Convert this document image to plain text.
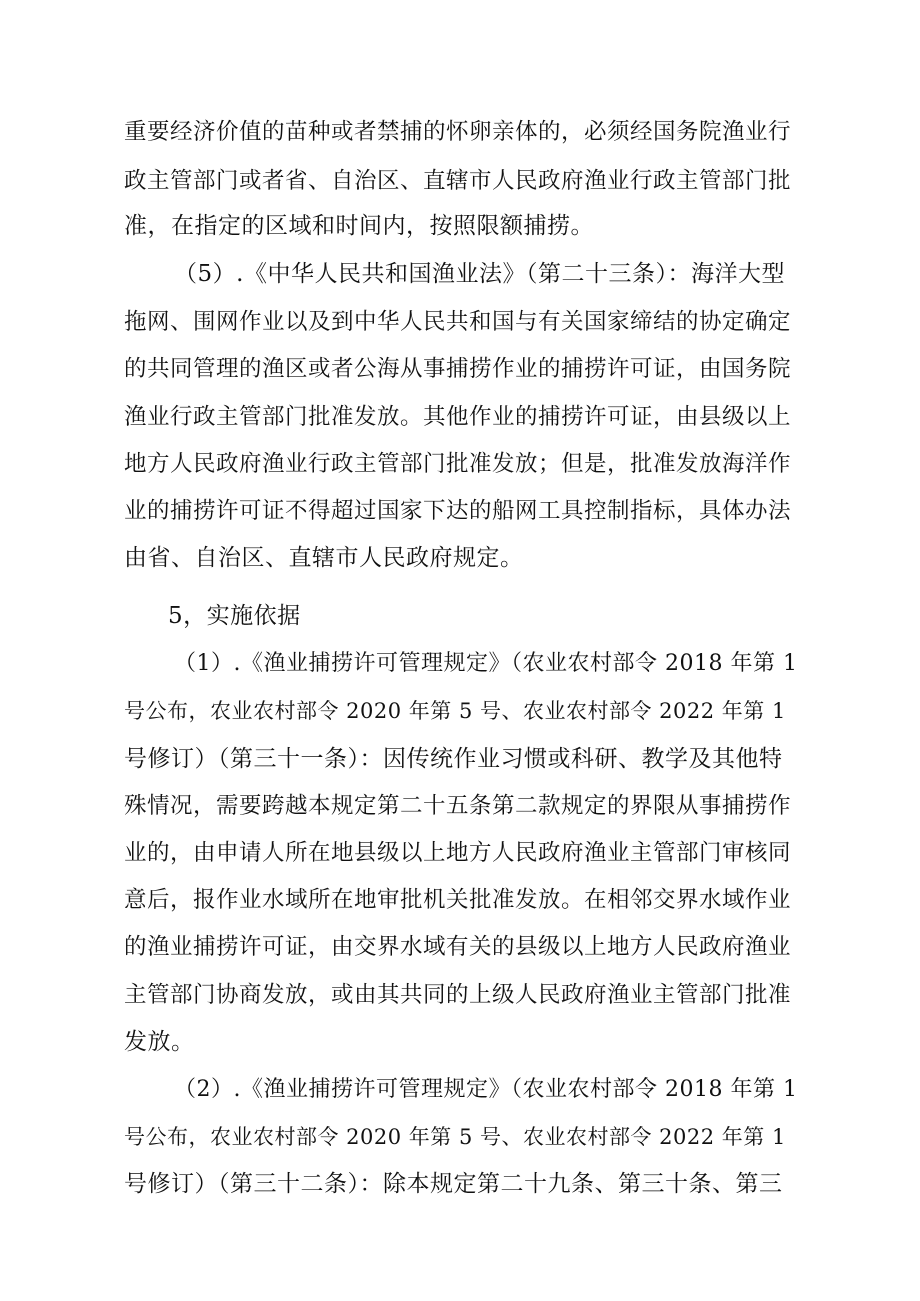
重要经济价值的苗种或者禁捕的怀卵亲体的，必须经国务院渔业行
政主管部门或者省、自治区、直辖市人民政府渔业行政主管部门批
准，在指定的区域和时间内，按照限额捕捞。
（5）.《中华人民共和国渔业法》（第二十三条）：海洋大型
拖网、围网作业以及到中华人民共和国与有关国家缔结的协定确定
的共同管理的渔区或者公海从事捕捞作业的捕捞许可证，由国务院
渔业行政主管部门批准发放。其他作业的捕捞许可证，由县级以上
地方人民政府渔业行政主管部门批准发放；但是，批准发放海洋作
业的捕捞许可证不得超过国家下达的船网工具控制指标，具体办法
由省、自治区、直辖市人民政府规定。
5，实施依据
（1）.《渔业捕捞许可管理规定》（农业农村部令 2018 年第 1
号公布，农业农村部令 2020 年第 5 号、农业农村部令 2022 年第 1
号修订）（第三十一条）：因传统作业习惯或科研、教学及其他特
殊情况，需要跨越本规定第二十五条第二款规定的界限从事捕捞作
业的，由申请人所在地县级以上地方人民政府渔业主管部门审核同
意后，报作业水域所在地审批机关批准发放。在相邻交界水域作业
的渔业捕捞许可证，由交界水域有关的县级以上地方人民政府渔业
主管部门协商发放，或由其共同的上级人民政府渔业主管部门批准
发放。
（2）.《渔业捕捞许可管理规定》（农业农村部令 2018 年第 1
号公布，农业农村部令 2020 年第 5 号、农业农村部令 2022 年第 1
号修订）（第三十二条）：除本规定第二十九条、第三十条、第三
